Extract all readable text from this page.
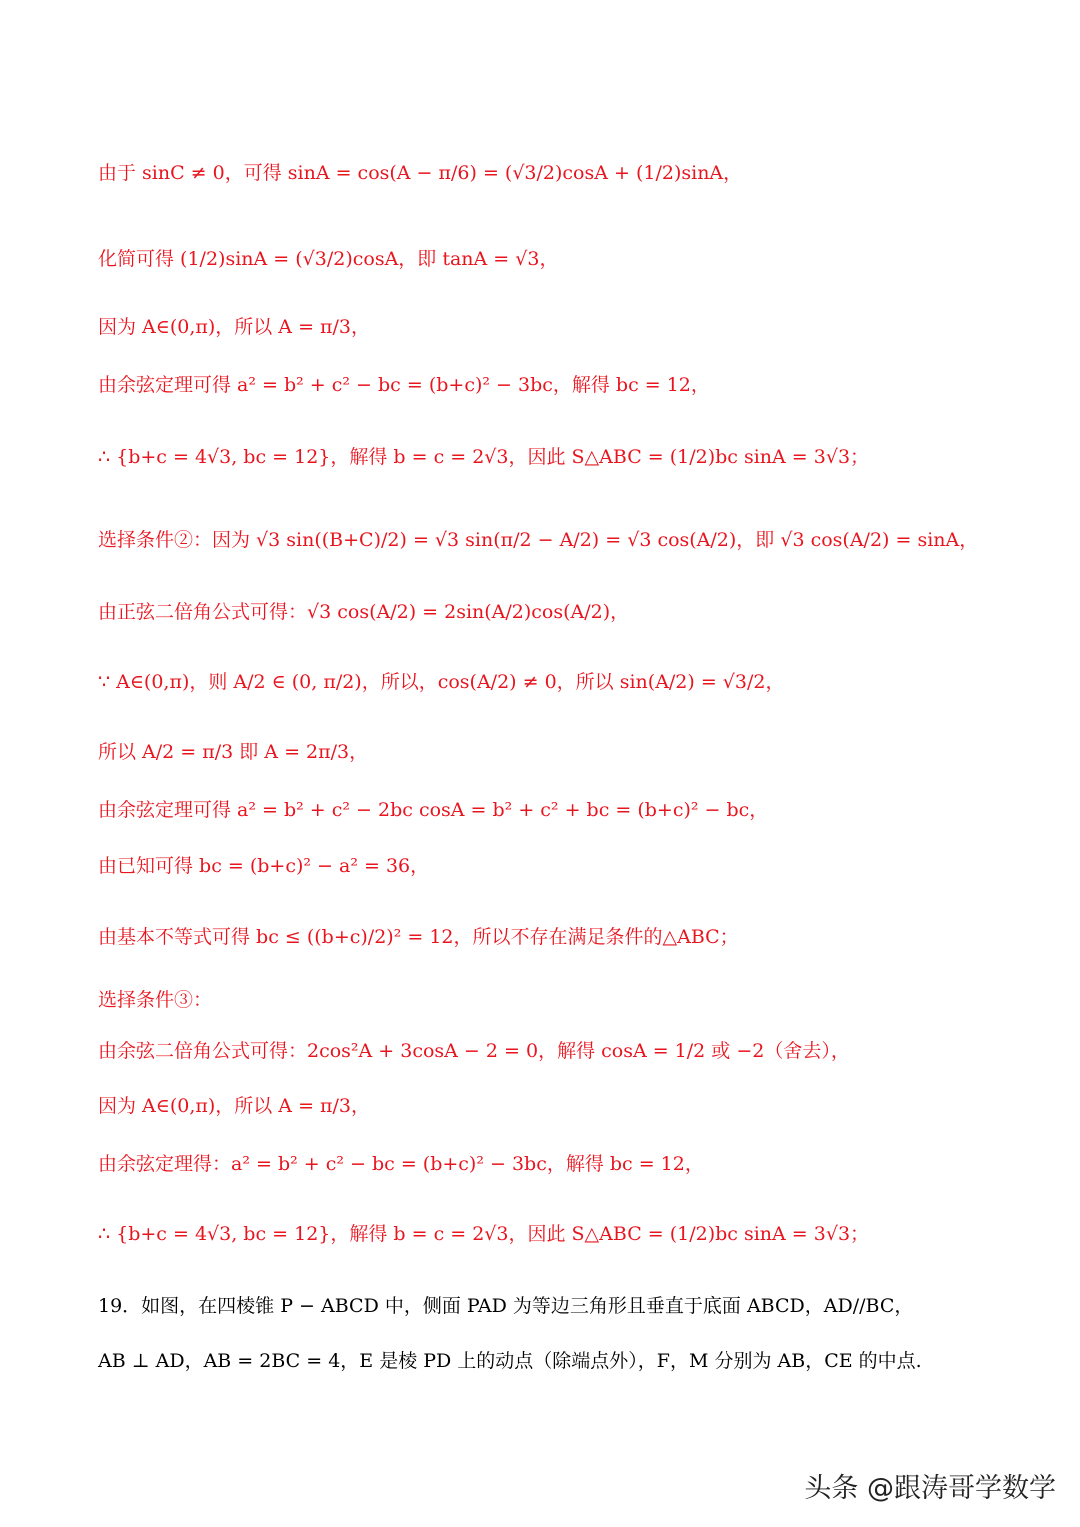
由于 sinC ≠ 0，可得 sinA = cos(A − π/6) = (√3/2)cosA + (1/2)sinA，
化简可得 (1/2)sinA = (√3/2)cosA，即 tanA = √3，
因为 A∈(0,π)，所以 A = π/3，
由余弦定理可得 a² = b² + c² − bc = (b+c)² − 3bc，解得 bc = 12，
∴ {b+c = 4√3, bc = 12}，解得 b = c = 2√3，因此 S△ABC = (1/2)bc sinA = 3√3；
选择条件②：因为 √3 sin((B+C)/2) = √3 sin(π/2 − A/2) = √3 cos(A/2)，即 √3 cos(A/2) = sinA，
由正弦二倍角公式可得：√3 cos(A/2) = 2sin(A/2)cos(A/2)，
∵ A∈(0,π)，则 A/2 ∈ (0, π/2)，所以，cos(A/2) ≠ 0，所以 sin(A/2) = √3/2，
所以 A/2 = π/3 即 A = 2π/3，
由余弦定理可得 a² = b² + c² − 2bc cosA = b² + c² + bc = (b+c)² − bc，
由已知可得 bc = (b+c)² − a² = 36，
由基本不等式可得 bc ≤ ((b+c)/2)² = 12，所以不存在满足条件的△ABC；
选择条件③：
由余弦二倍角公式可得：2cos²A + 3cosA − 2 = 0，解得 cosA = 1/2 或 −2（舍去），
因为 A∈(0,π)，所以 A = π/3，
由余弦定理得：a² = b² + c² − bc = (b+c)² − 3bc，解得 bc = 12，
∴ {b+c = 4√3, bc = 12}，解得 b = c = 2√3，因此 S△ABC = (1/2)bc sinA = 3√3；
19．如图，在四棱锥 P − ABCD 中，侧面 PAD 为等边三角形且垂直于底面 ABCD，AD//BC，
AB ⊥ AD，AB = 2BC = 4，E 是棱 PD 上的动点（除端点外），F，M 分别为 AB，CE 的中点.
头条 @跟涛哥学数学
